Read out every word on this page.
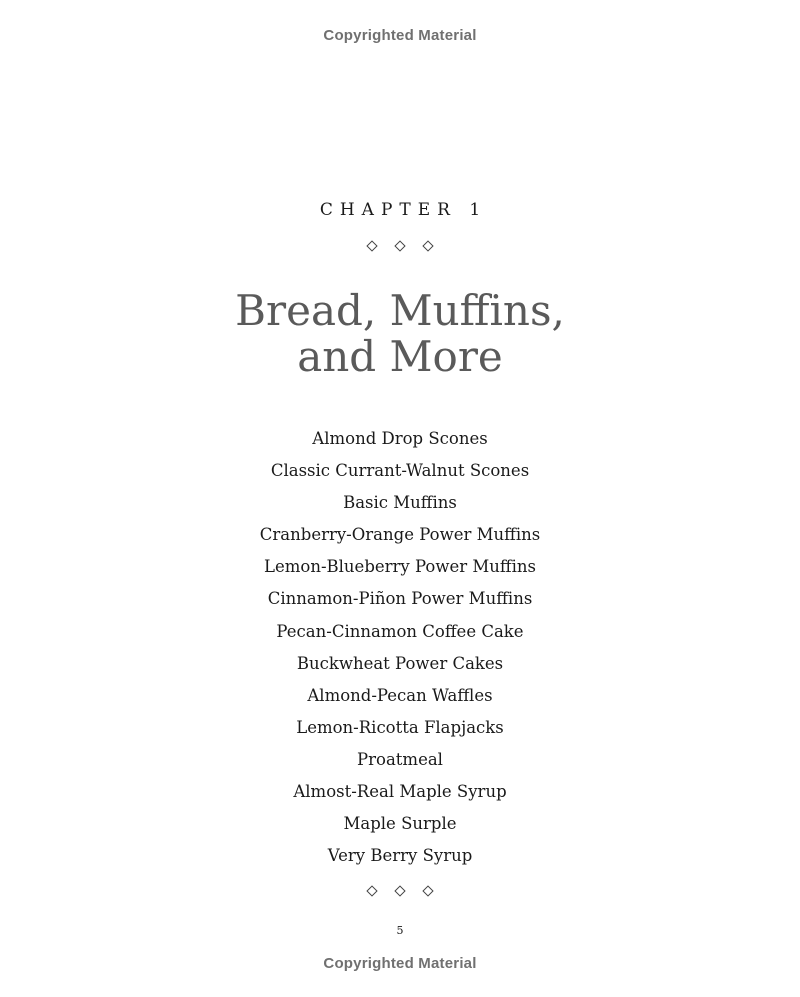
Copyrighted Material
CHAPTER 1
Bread, Muffins,
and More
Almond Drop Scones
Classic Currant-Walnut Scones
Basic Muffins
Cranberry-Orange Power Muffins
Lemon-Blueberry Power Muffins
Cinnamon-Piñon Power Muffins
Pecan-Cinnamon Coffee Cake
Buckwheat Power Cakes
Almond-Pecan Waffles
Lemon-Ricotta Flapjacks
Proatmeal
Almost-Real Maple Syrup
Maple Surple
Very Berry Syrup
5
Copyrighted Material
